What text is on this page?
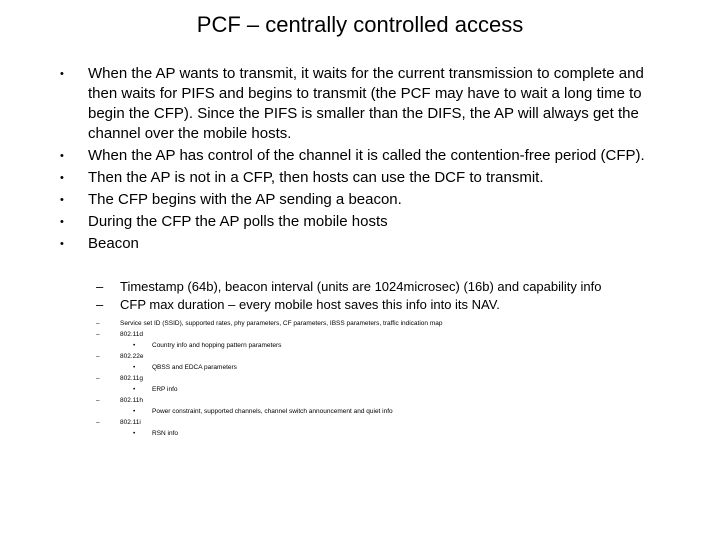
PCF – centrally controlled access
•	When the AP wants to transmit, it waits for the current transmission to complete and then waits for PIFS and begins to transmit (the PCF may have to wait a long time to begin the CFP). Since the PIFS is smaller than the DIFS, the AP will always get the channel over the mobile hosts.
•	When the AP has control of the channel it is called the contention-free period (CFP).
•	Then the AP is not in a CFP, then hosts can use the DCF to transmit.
•	The CFP begins with the AP sending a beacon.
•	During the CFP the AP polls the mobile hosts
•	Beacon
– Timestamp (64b), beacon interval (units are 1024microsec) (16b) and capability info
– CFP max duration – every mobile host saves this info into its NAV.
–	Service set ID (SSID), supported rates, phy parameters, CF parameters, IBSS parameters, traffic indication map
–	802.11d
•	Country info and hopping pattern parameters
–	802.22e
•	QBSS and EDCA parameters
–	802.11g
•	ERP info
–	802.11h
•	Power constraint, supported channels, channel switch announcement and quiet info
–	802.11i
•	RSN info
